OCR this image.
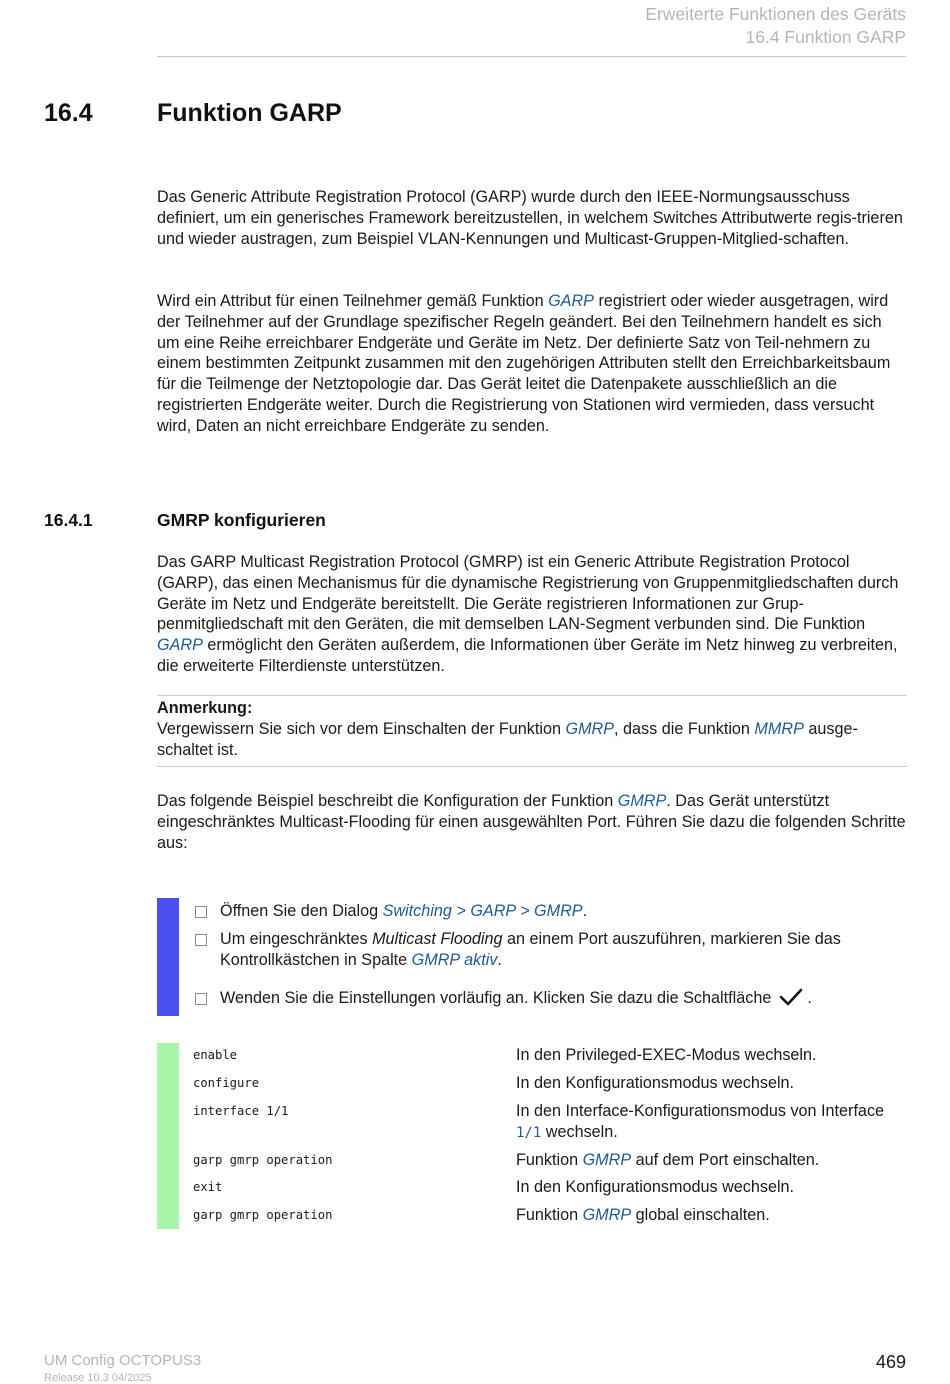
Erweiterte Funktionen des Geräts
16.4 Funktion GARP
16.4	Funktion GARP

Das Generic Attribute Registration Protocol (GARP) wurde durch den IEEE-Normungsausschuss definiert, um ein generisches Framework bereitzustellen, in welchem Switches Attributwerte regis-trieren und wieder austragen, zum Beispiel VLAN-Kennungen und Multicast-Gruppen-Mitglied-schaften.

Wird ein Attribut für einen Teilnehmer gemäß Funktion GARP registriert oder wieder ausgetragen, wird der Teilnehmer auf der Grundlage spezifischer Regeln geändert. Bei den Teilnehmern handelt es sich um eine Reihe erreichbarer Endgeräte und Geräte im Netz. Der definierte Satz von Teil-nehmern zu einem bestimmten Zeitpunkt zusammen mit den zugehörigen Attributen stellt den Erreichbarkeitsbaum für die Teilmenge der Netztopologie dar. Das Gerät leitet die Datenpakete ausschließlich an die registrierten Endgeräte weiter. Durch die Registrierung von Stationen wird vermieden, dass versucht wird, Daten an nicht erreichbare Endgeräte zu senden.

16.4.1	GMRP konfigurieren

Das GARP Multicast Registration Protocol (GMRP) ist ein Generic Attribute Registration Protocol (GARP), das einen Mechanismus für die dynamische Registrierung von Gruppenmitgliedschaften durch Geräte im Netz und Endgeräte bereitstellt. Die Geräte registrieren Informationen zur Grup-penmitgliedschaft mit den Geräten, die mit demselben LAN-Segment verbunden sind. Die Funktion GARP ermöglicht den Geräten außerdem, die Informationen über Geräte im Netz hinweg zu verbreiten, die erweiterte Filterdienste unterstützen.

Anmerkung:

Vergewissern Sie sich vor dem Einschalten der Funktion GMRP, dass die Funktion MMRP ausge-schaltet ist.

Das folgende Beispiel beschreibt die Konfiguration der Funktion GMRP. Das Gerät unterstützt eingeschränktes Multicast-Flooding für einen ausgewählten Port. Führen Sie dazu die folgenden Schritte aus:

Öffnen Sie den Dialog Switching > GARP > GMRP.
Um eingeschränktes Multicast Flooding an einem Port auszuführen, markieren Sie das Kontrollkästchen in Spalte GMRP aktiv.
Wenden Sie die Einstellungen vorläufig an. Klicken Sie dazu die Schaltfläche .
enable	In den Privileged-EXEC-Modus wechseln.
configure	In den Konfigurationsmodus wechseln.
interface 1/1	In den Interface-Konfigurationsmodus von Interface 1/1 wechseln.
garp gmrp operation	Funktion GMRP auf dem Port einschalten.
exit	In den Konfigurationsmodus wechseln.
garp gmrp operation	Funktion GMRP global einschalten.
UM Config OCTOPUS3
Release 10.3 04/2025
469
